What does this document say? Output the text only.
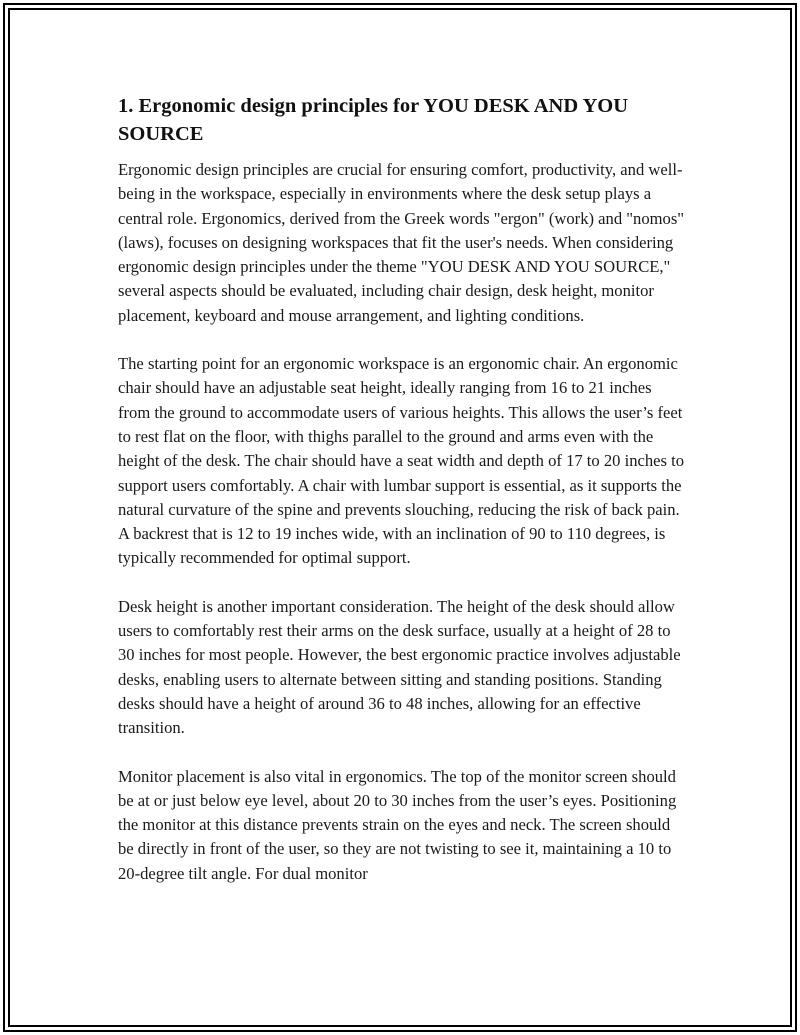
1. Ergonomic design principles for YOU DESK AND YOU SOURCE

Ergonomic design principles are crucial for ensuring comfort, productivity, and well-being in the workspace, especially in environments where the desk setup plays a central role. Ergonomics, derived from the Greek words "ergon" (work) and "nomos" (laws), focuses on designing workspaces that fit the user's needs. When considering ergonomic design principles under the theme "YOU DESK AND YOU SOURCE," several aspects should be evaluated, including chair design, desk height, monitor placement, keyboard and mouse arrangement, and lighting conditions.

The starting point for an ergonomic workspace is an ergonomic chair. An ergonomic chair should have an adjustable seat height, ideally ranging from 16 to 21 inches from the ground to accommodate users of various heights. This allows the user’s feet to rest flat on the floor, with thighs parallel to the ground and arms even with the height of the desk. The chair should have a seat width and depth of 17 to 20 inches to support users comfortably. A chair with lumbar support is essential, as it supports the natural curvature of the spine and prevents slouching, reducing the risk of back pain. A backrest that is 12 to 19 inches wide, with an inclination of 90 to 110 degrees, is typically recommended for optimal support.

Desk height is another important consideration. The height of the desk should allow users to comfortably rest their arms on the desk surface, usually at a height of 28 to 30 inches for most people. However, the best ergonomic practice involves adjustable desks, enabling users to alternate between sitting and standing positions. Standing desks should have a height of around 36 to 48 inches, allowing for an effective transition.

Monitor placement is also vital in ergonomics. The top of the monitor screen should be at or just below eye level, about 20 to 30 inches from the user’s eyes. Positioning the monitor at this distance prevents strain on the eyes and neck. The screen should be directly in front of the user, so they are not twisting to see it, maintaining a 10 to 20-degree tilt angle. For dual monitor
